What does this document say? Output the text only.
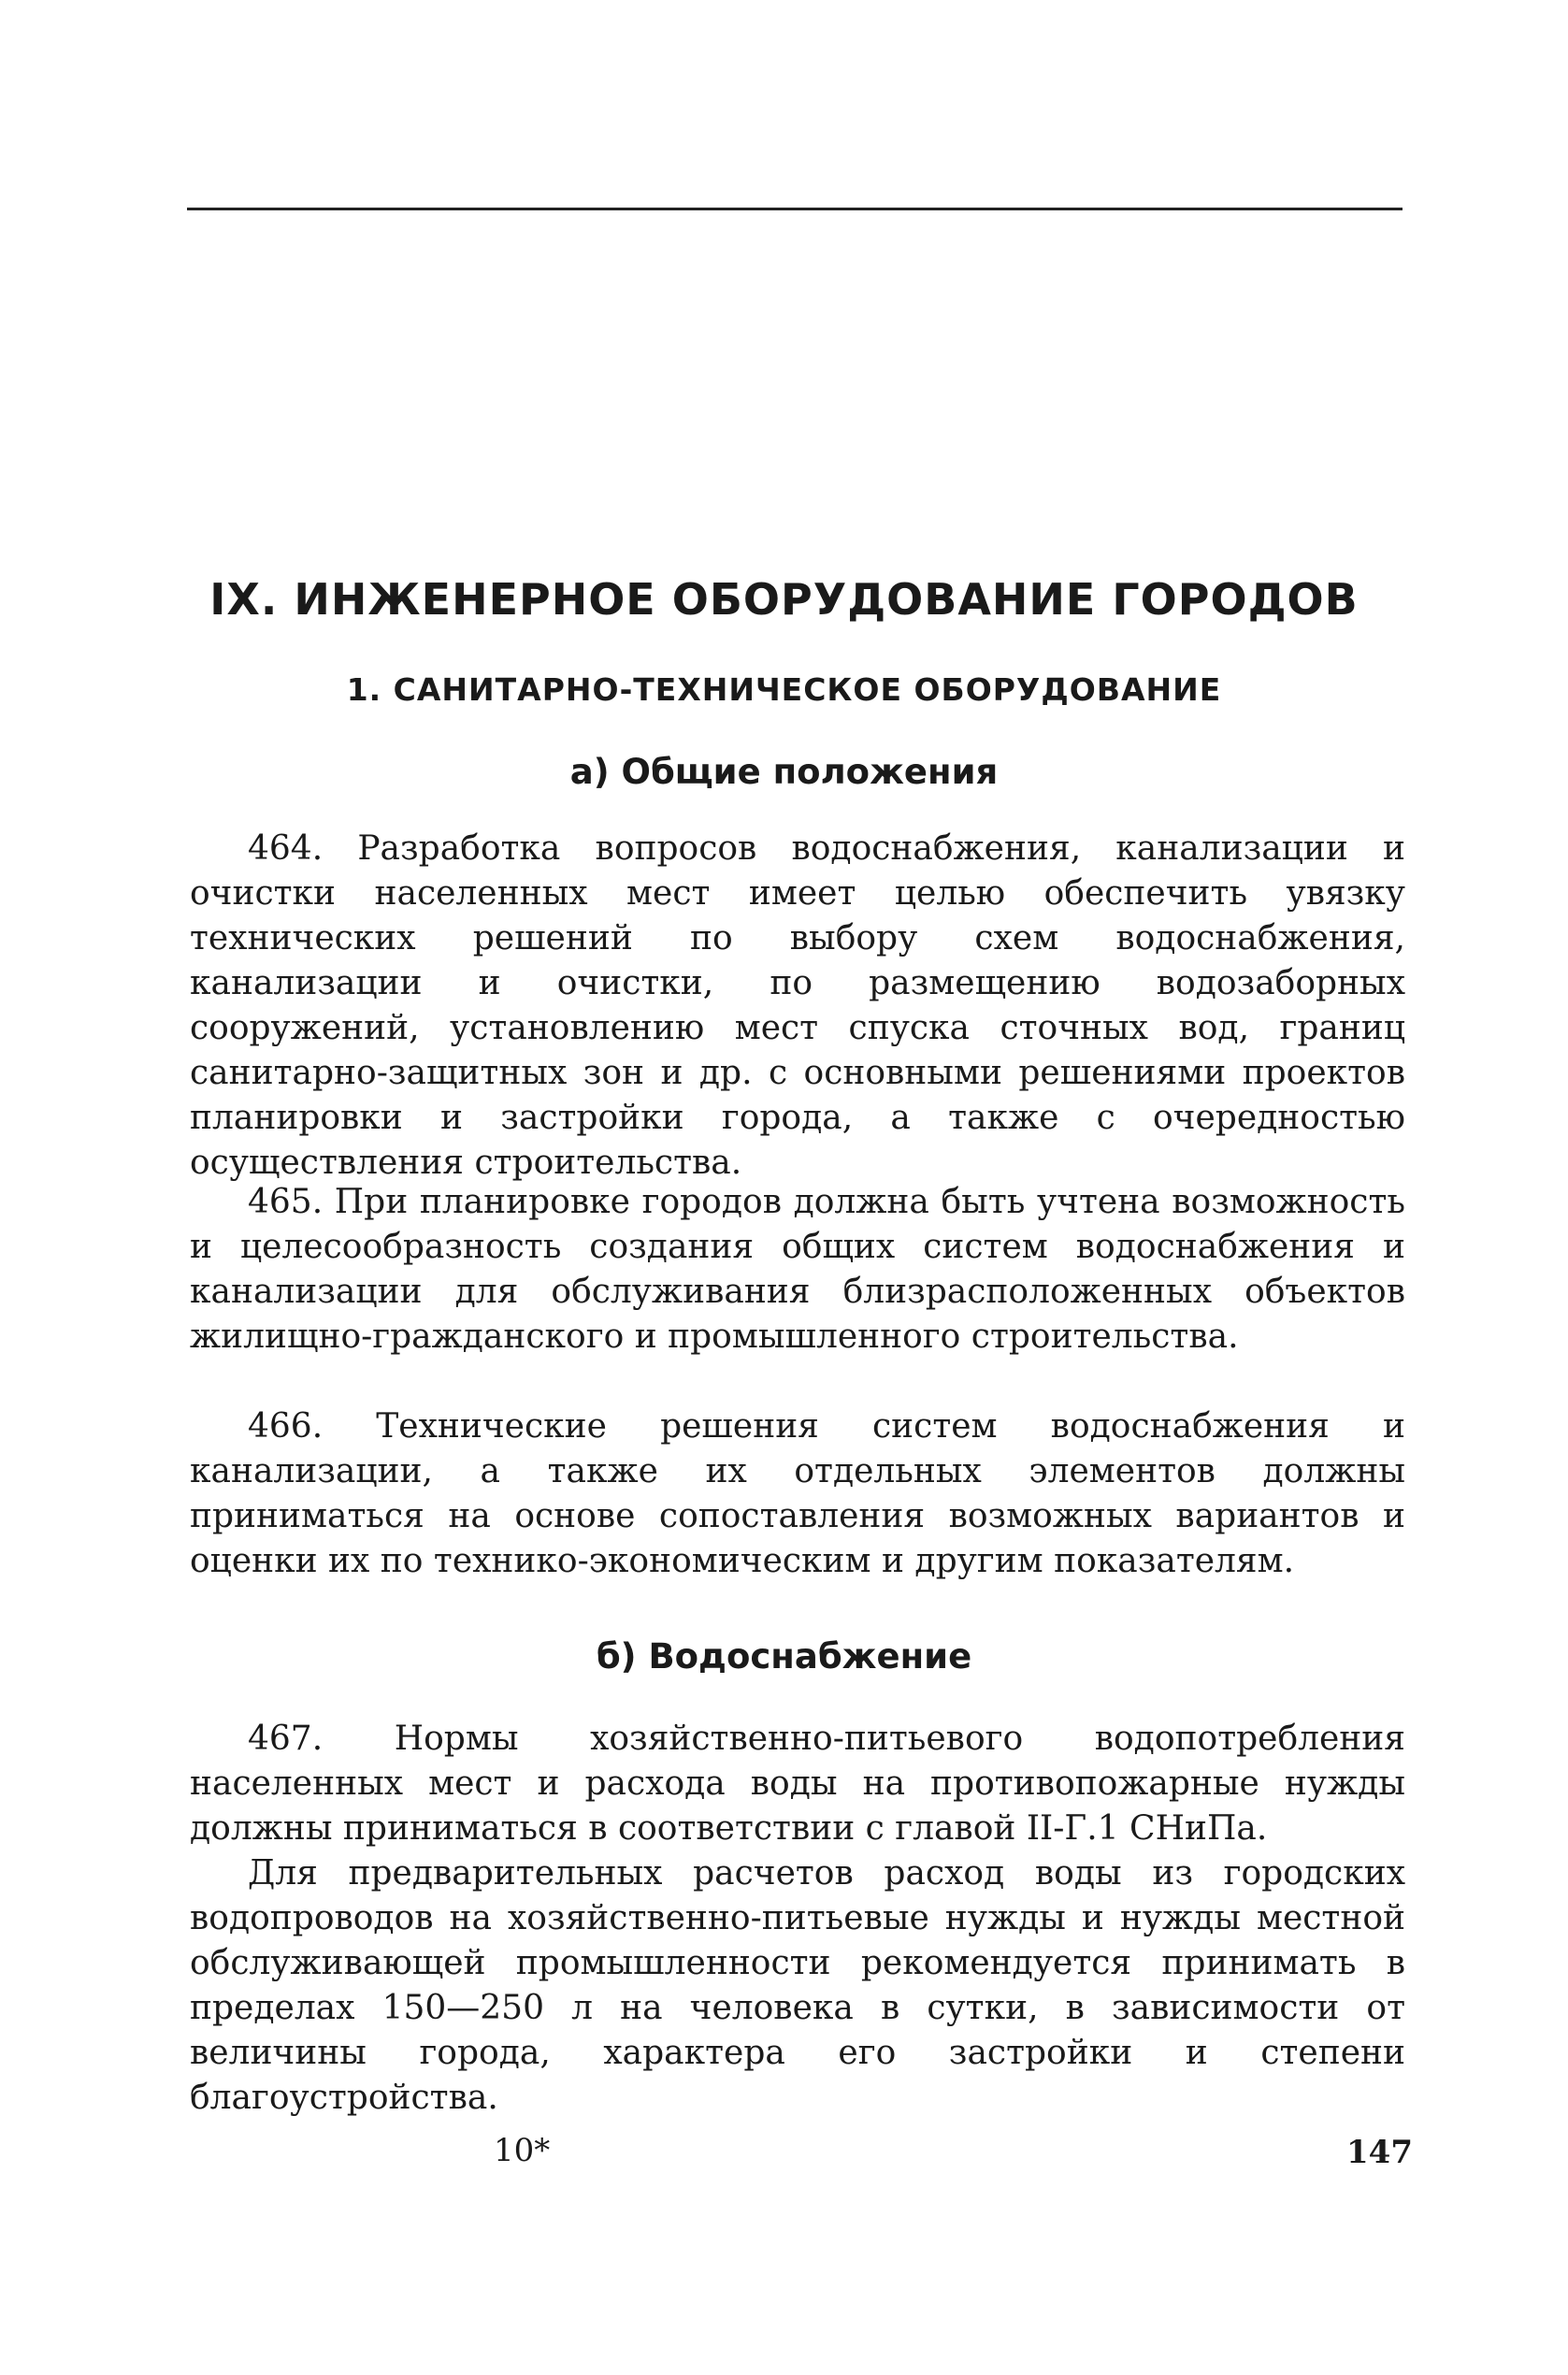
IX. ИНЖЕНЕРНОЕ ОБОРУДОВАНИЕ ГОРОДОВ
1. САНИТАРНО-ТЕХНИЧЕСКОЕ ОБОРУДОВАНИЕ
а) Общие положения

464. Разработка вопросов водоснабжения, канализации и очистки населенных мест имеет целью обеспечить увязку технических решений по выбору схем водоснабжения, канализации и очистки, по размещению водозаборных сооружений, установлению мест спуска сточных вод, границ санитарно-защитных зон и др. с основными решениями проектов планировки и застройки города, а также с очередностью осуществления строительства.

465. При планировке городов должна быть учтена возможность и целесообразность создания общих систем водоснабжения и канализации для обслуживания близрасположенных объектов жилищно-гражданского и промышленного строительства.

466. Технические решения систем водоснабжения и канализации, а также их отдельных элементов должны приниматься на основе сопоставления возможных вариантов и оценки их по технико-экономическим и другим показателям.

б) Водоснабжение

467. Нормы хозяйственно-питьевого водопотребления населенных мест и расхода воды на противопожарные нужды должны приниматься в соответствии с главой II-Г.1 СНиПа.

Для предварительных расчетов расход воды из городских водопроводов на хозяйственно-питьевые нужды и нужды местной обслуживающей промышленности рекомендуется принимать в пределах 150—250 л на человека в сутки, в зависимости от величины города, характера его застройки и степени благоустройства.

10*	147
